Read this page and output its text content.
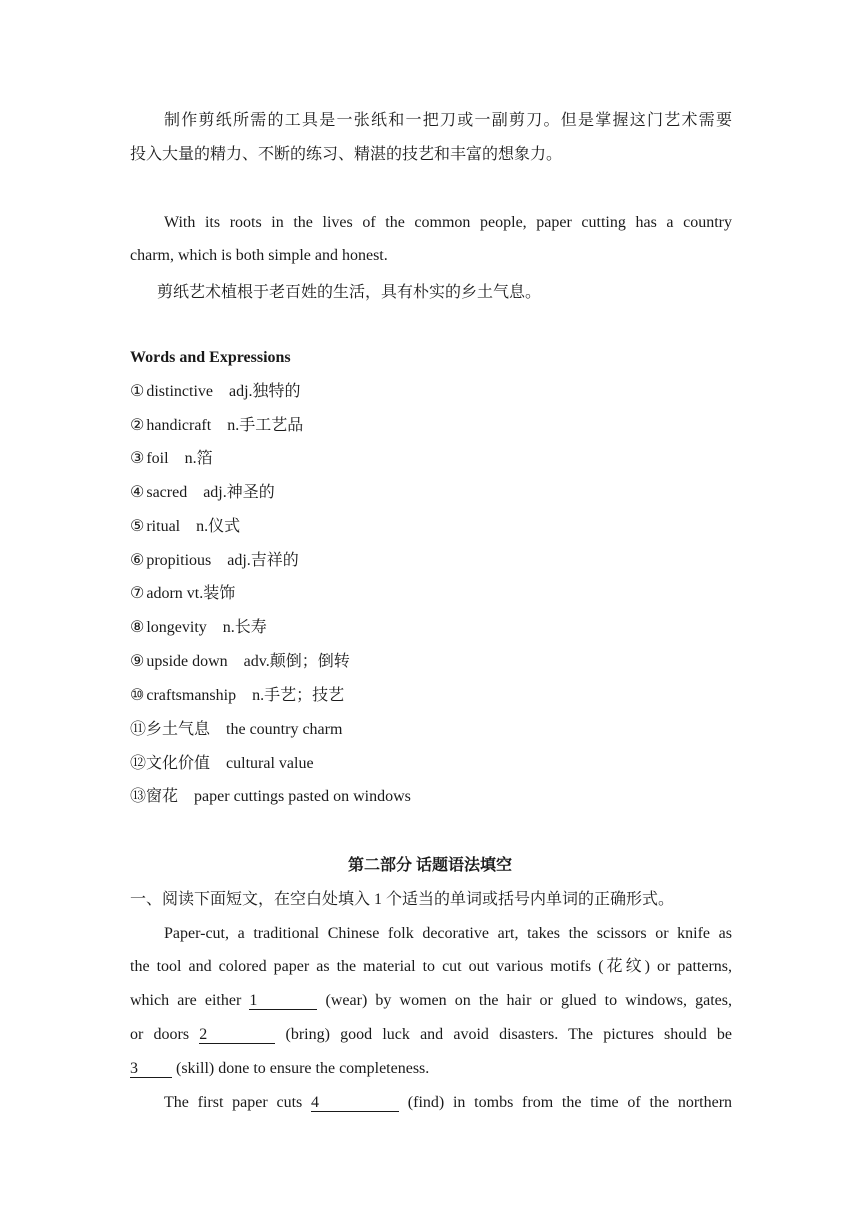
制作剪纸所需的工具是一张纸和一把刀或一副剪刀。但是掌握这门艺术需要
投入大量的精力、不断的练习、精湛的技艺和丰富的想象力。
With its roots in the lives of the common people, paper cutting has a country
charm, which is both simple and honest.
剪纸艺术植根于老百姓的生活，具有朴实的乡土气息。
Words and Expressions
① distinctive adj.独特的
② handicraft n.手工艺品
③ foil n.箔
④ sacred adj.神圣的
⑤ ritual n.仪式
⑥ propitious adj.吉祥的
⑦ adorn vt.装饰
⑧ longevity n.长寿
⑨ upside down adv.颠倒；倒转
⑩ craftsmanship n.手艺；技艺
⑪乡土气息 the country charm
⑫文化价值 cultural value
⑬窗花 paper cuttings pasted on windows
第二部分 话题语法填空
一、阅读下面短文，在空白处填入 1 个适当的单词或括号内单词的正确形式。
Paper-cut, a traditional Chinese folk decorative art, takes the scissors or knife as
the tool and colored paper as the material to cut out various motifs (花纹) or patterns,
which are either 1	(wear) by women on the hair or glued to windows, gates,
or doors 2	(bring) good luck and avoid disasters. The pictures should be
3 (skill) done to ensure the completeness.
The first paper cuts 4	(find) in tombs from the time of the northern
